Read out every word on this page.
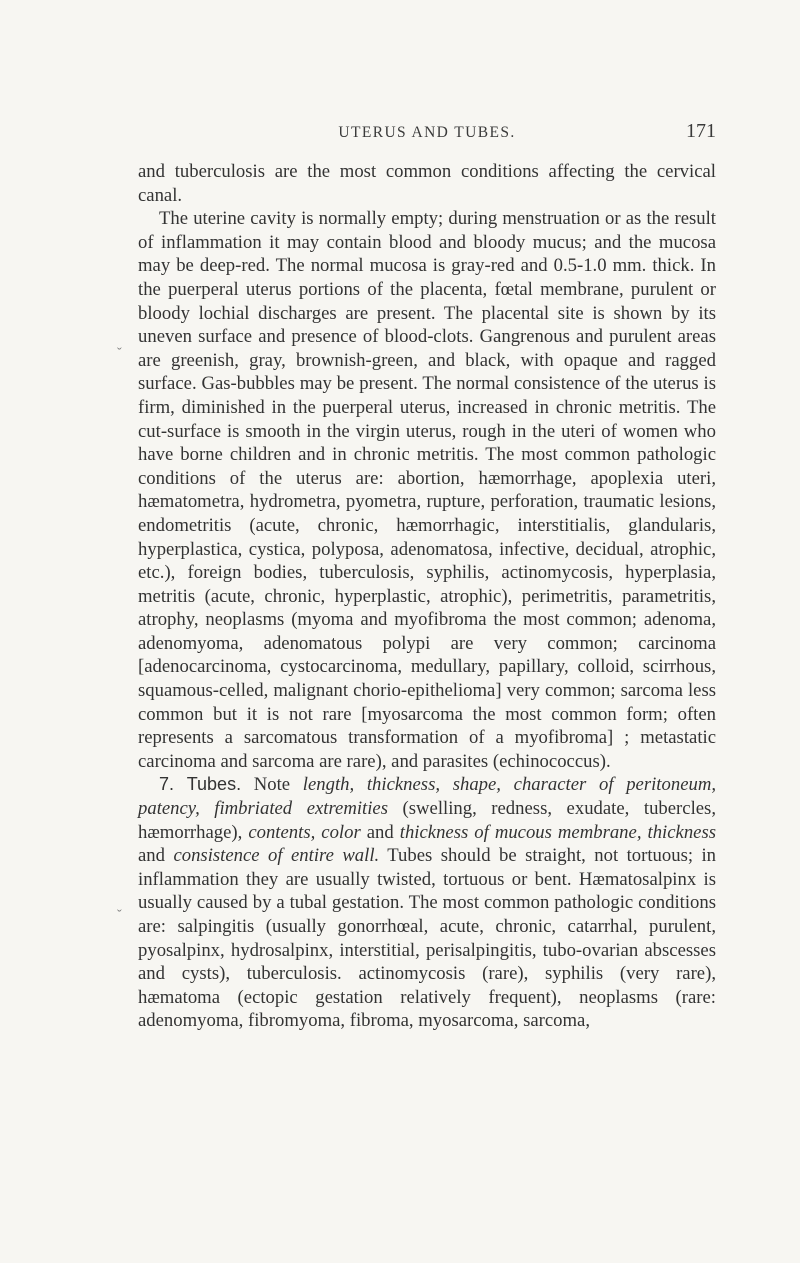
UTERUS AND TUBES.	171

and tuberculosis are the most common conditions affecting the cervical canal.

The uterine cavity is normally empty; during menstruation or as the result of inflammation it may contain blood and bloody mucus; and the mucosa may be deep-red. The normal mucosa is gray-red and 0.5-1.0 mm. thick. In the puerperal uterus portions of the placenta, fœtal membrane, purulent or bloody lochial discharges are present. The placental site is shown by its uneven surface and presence of blood-clots. Gangrenous and purulent areas are greenish, gray, brownish-green, and black, with opaque and ragged surface. Gas-bubbles may be present. The normal consistence of the uterus is firm, diminished in the puerperal uterus, increased in chronic metritis. The cut-surface is smooth in the virgin uterus, rough in the uteri of women who have borne children and in chronic metritis. The most common pathologic conditions of the uterus are: abortion, hæmorrhage, apoplexia uteri, hæmatometra, hydrometra, pyometra, rupture, perforation, traumatic lesions, endometritis (acute, chronic, hæmorrhagic, interstitialis, glandularis, hyperplastica, cystica, polyposa, adenomatosa, infective, decidual, atrophic, etc.), foreign bodies, tuberculosis, syphilis, actinomycosis, hyperplasia, metritis (acute, chronic, hyperplastic, atrophic), perimetritis, parametritis, atrophy, neoplasms (myoma and myofibroma the most common; adenoma, adenomyoma, adenomatous polypi are very common; carcinoma [adenocarcinoma, cystocarcinoma, medullary, papillary, colloid, scirrhous, squamous-celled, malignant chorio-epithelioma] very common; sarcoma less common but it is not rare [myosarcoma the most common form; often represents a sarcomatous transformation of a myofibroma] ; metastatic carcinoma and sarcoma are rare), and parasites (echinococcus).

7. Tubes. Note length, thickness, shape, character of peritoneum, patency, fimbriated extremities (swelling, redness, exudate, tubercles, hæmorrhage), contents, color and thickness of mucous membrane, thickness and consistence of entire wall. Tubes should be straight, not tortuous; in inflammation they are usually twisted, tortuous or bent. Hæmatosalpinx is usually caused by a tubal gestation. The most common pathologic conditions are: salpingitis (usually gonorrhœal, acute, chronic, catarrhal, purulent, pyosalpinx, hydrosalpinx, interstitial, perisalpingitis, tubo-ovarian abscesses and cysts), tuberculosis. actinomycosis (rare), syphilis (very rare), hæmatoma (ectopic gestation relatively frequent), neoplasms (rare: adenomyoma, fibromyoma, fibroma, myosarcoma, sarcoma,

ˇ
ˇ
